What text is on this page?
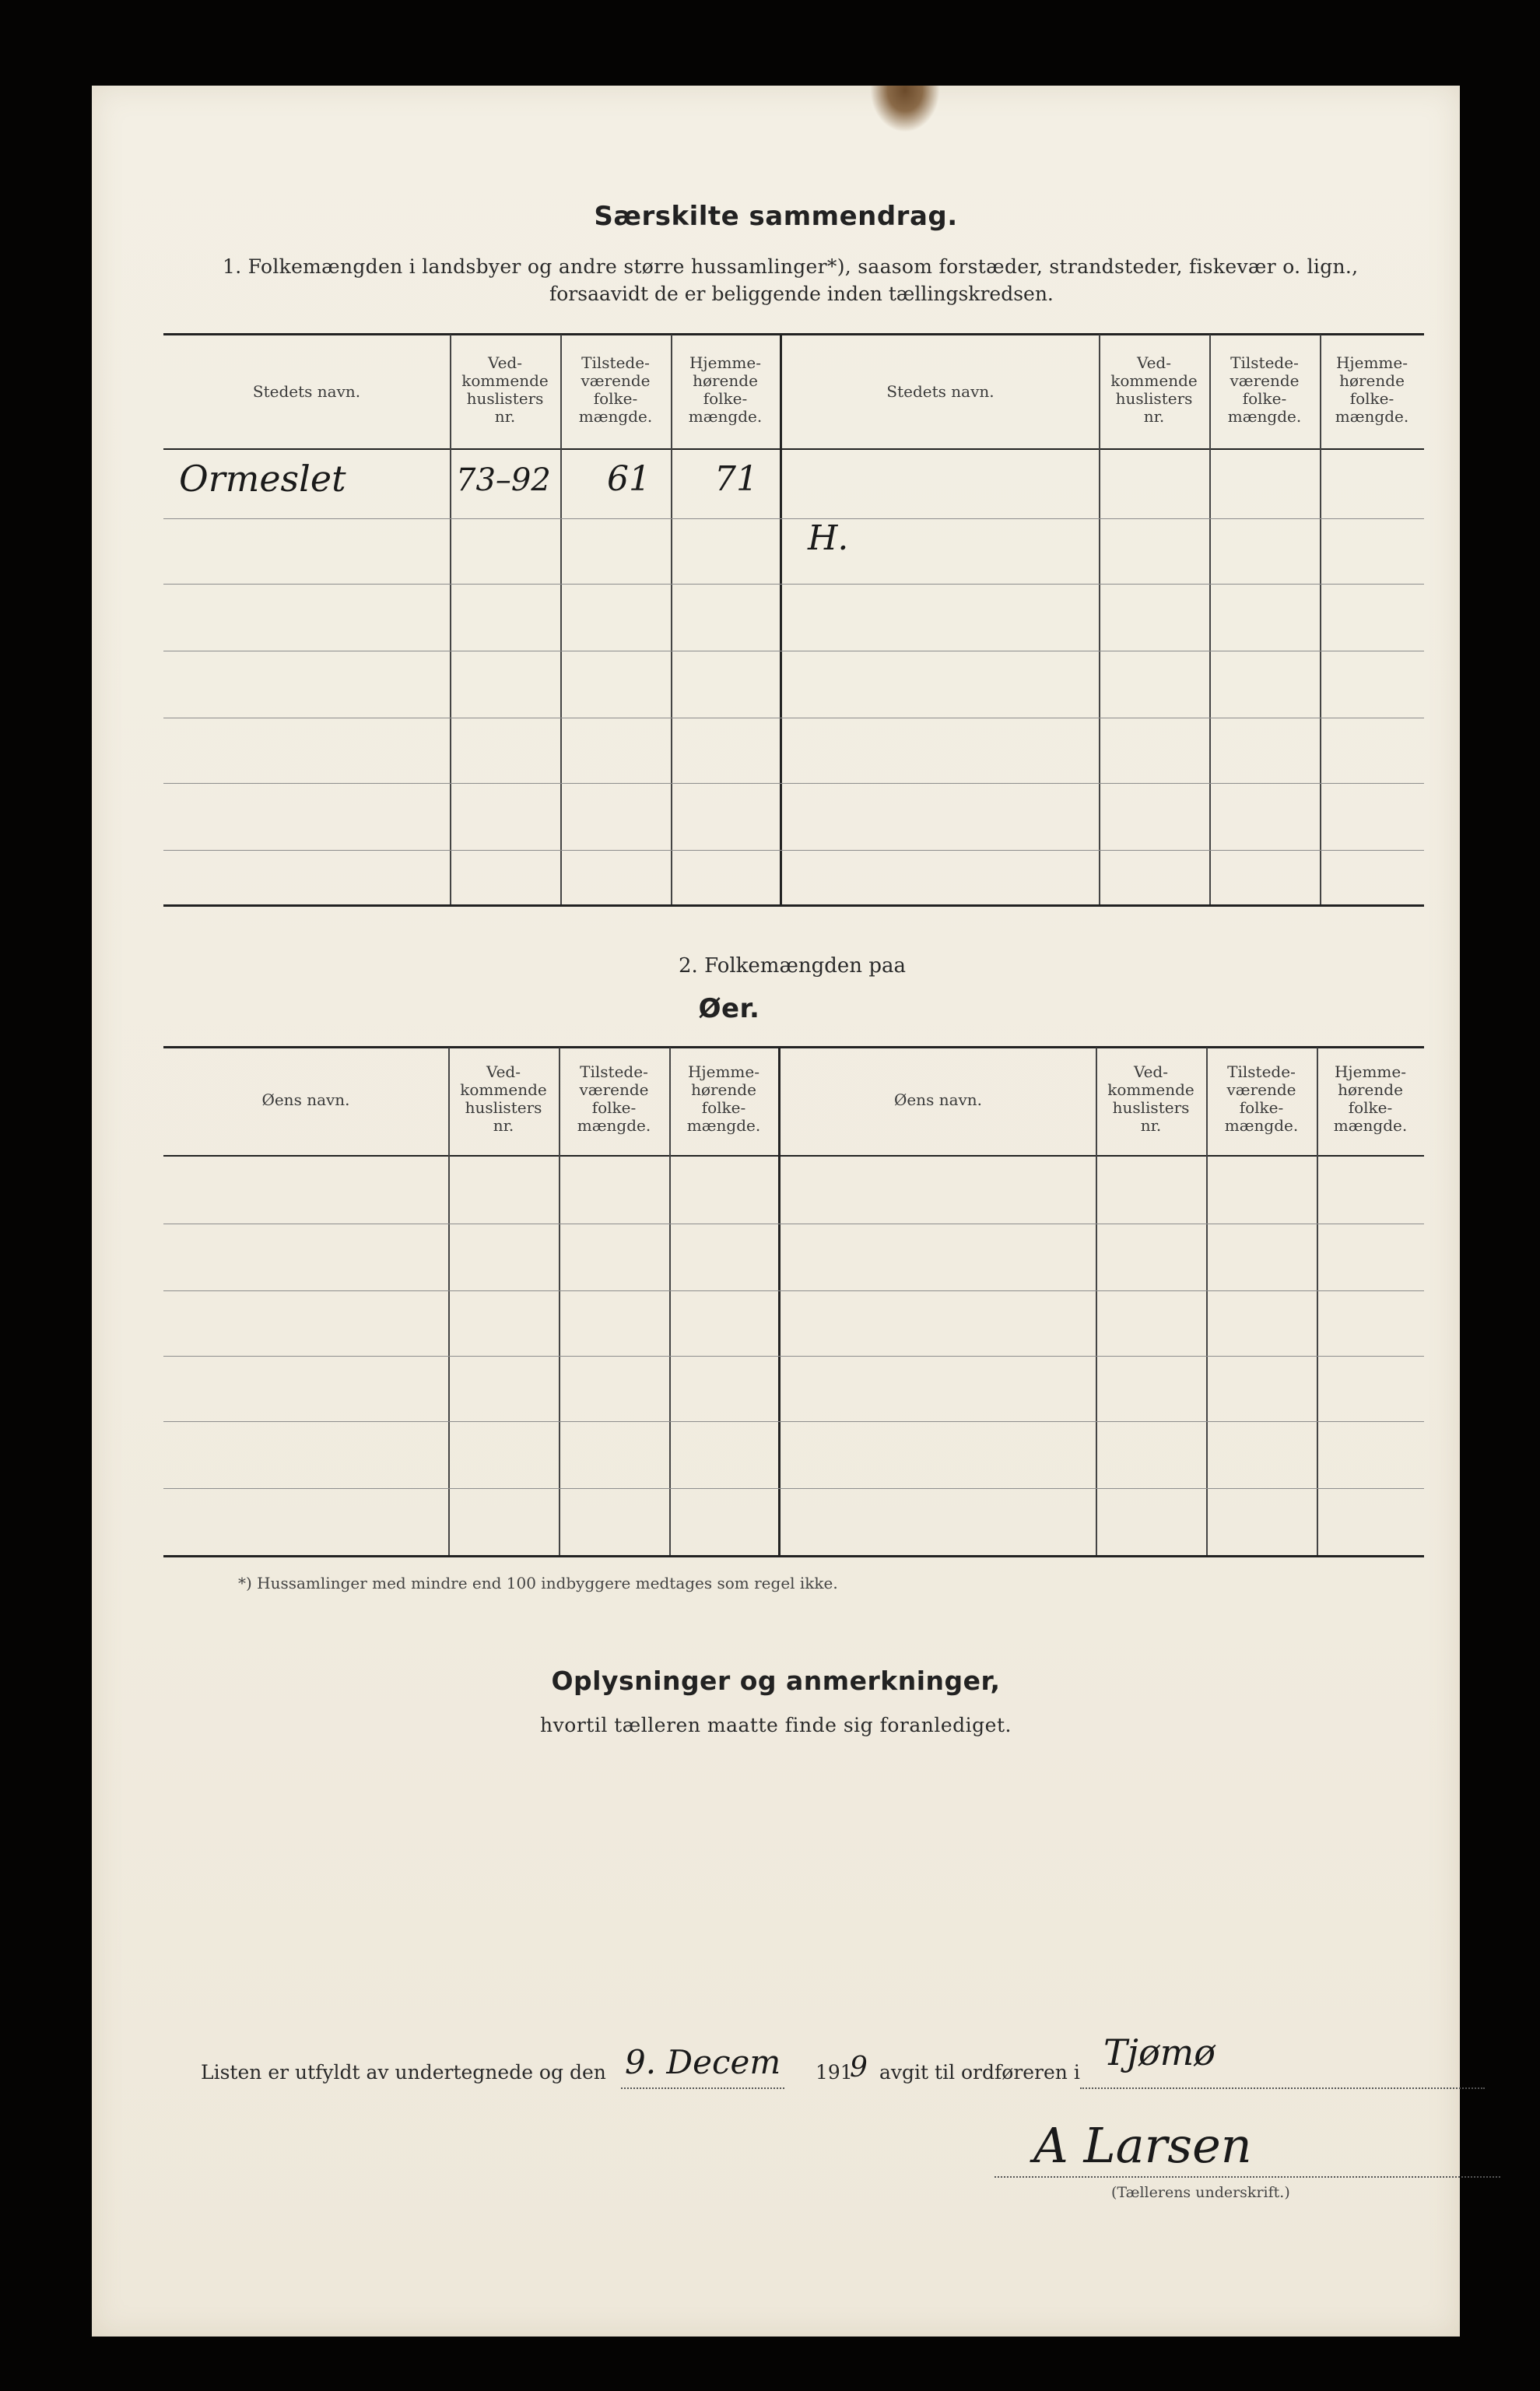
Særskilte sammendrag.
1. Folkemængden i landsbyer og andre større hussamlinger*), saasom forstæder, strandsteder, fiskevær o. lign.,
forsaavidt de er beliggende inden tællingskredsen.
Stedets navn.
Ved-
kommende
huslisters
nr.
Tilstede-
værende
folke-
mængde.
Hjemme-
hørende
folke-
mængde.
Stedets navn.
Ved-
kommende
huslisters
nr.
Tilstede-
værende
folke-
mængde.
Hjemme-
hørende
folke-
mængde.
Ormeslet	73–92 61 71
H.
2. Folkemængden paa
Øer.
Øens navn.
Ved-
kommende
huslisters
nr.
Tilstede-
værende
folke-
mængde.
Hjemme-
hørende
folke-
mængde.
Øens navn.
Ved-
kommende
huslisters
nr.
Tilstede-
værende
folke-
mængde.
Hjemme-
hørende
folke-
mængde.
*) Hussamlinger med mindre end 100 indbyggere medtages som regel ikke.
Oplysninger og anmerkninger,
hvortil tælleren maatte finde sig foranlediget.
Listen er utfyldt av undertegnede og den 9. Decem 191
9 avgit til ordføreren i Tjømø
A Larsen
(Tællerens underskrift.)
